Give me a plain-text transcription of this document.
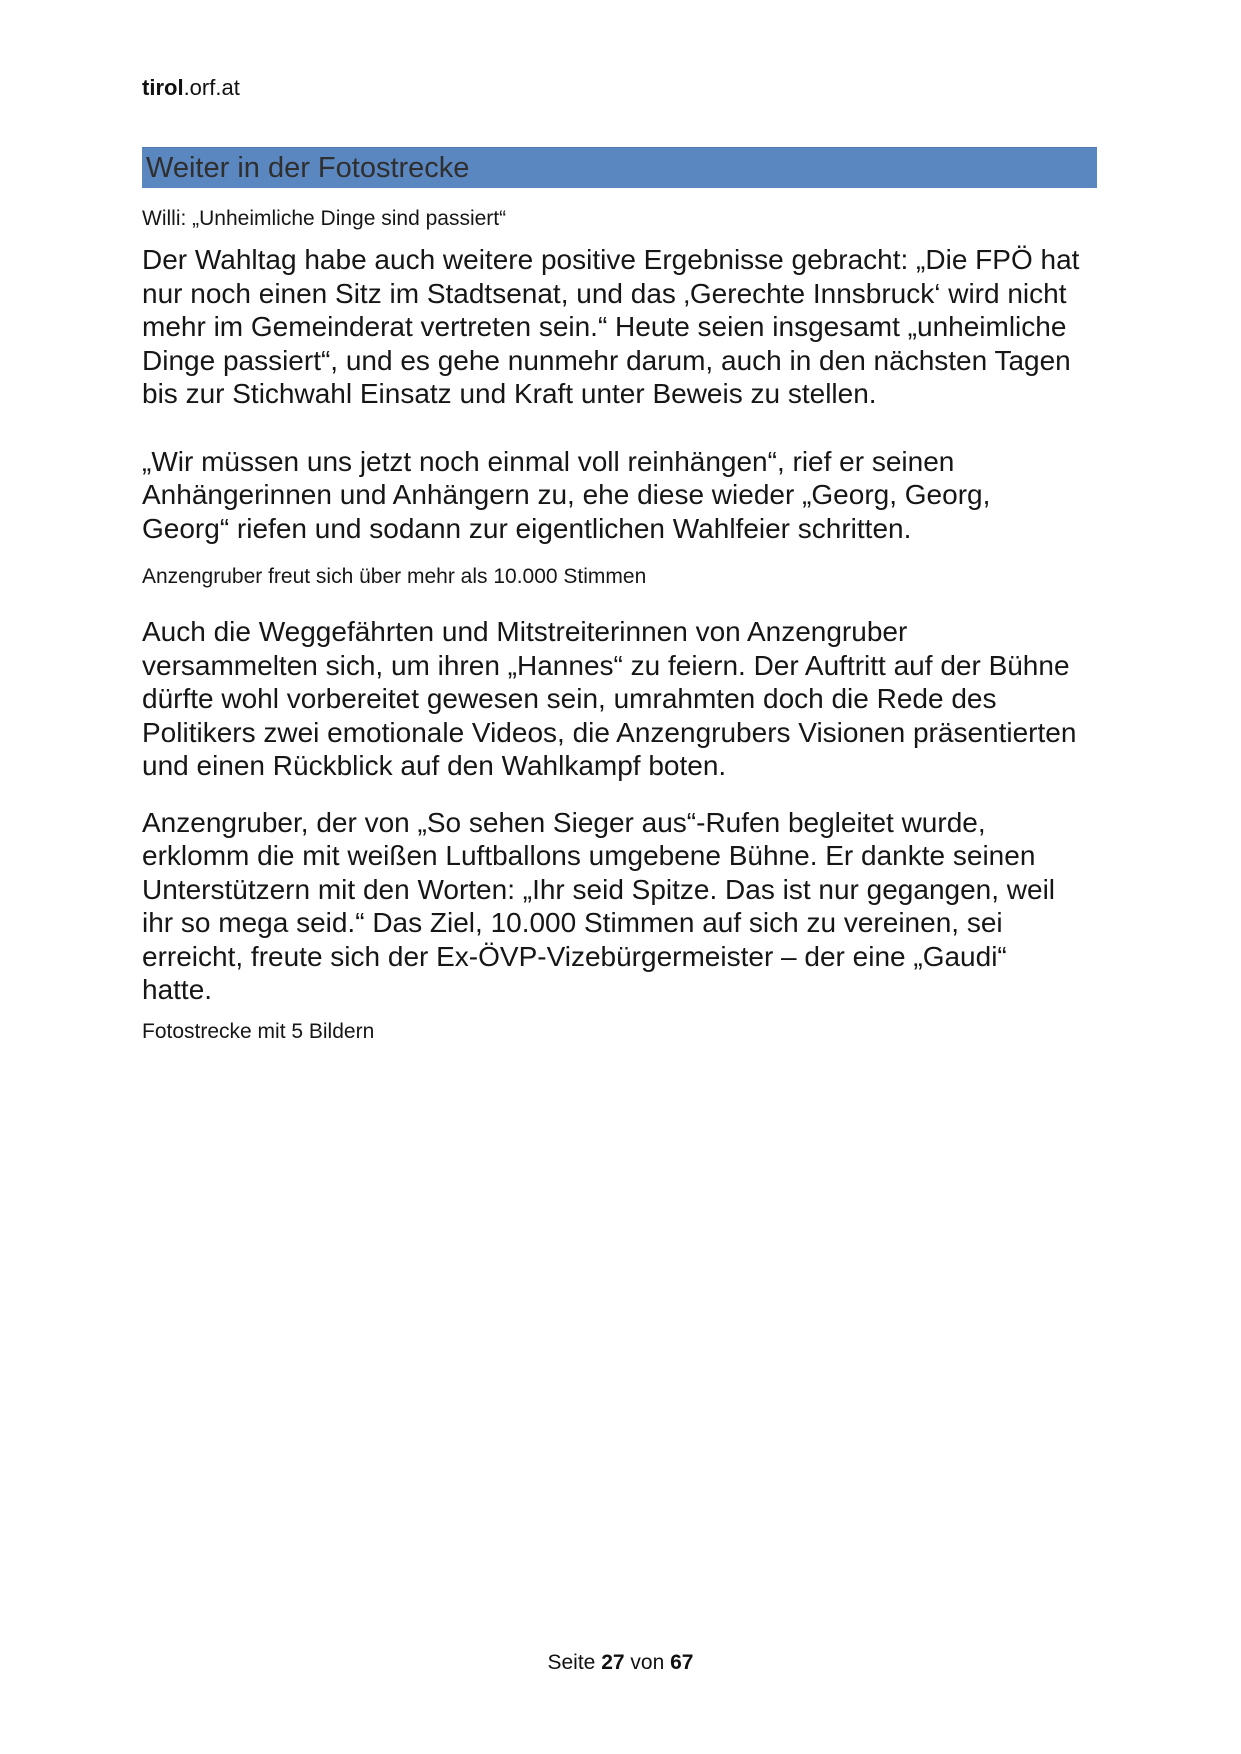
tirol.orf.at
Weiter in der Fotostrecke
Willi: „Unheimliche Dinge sind passiert“
Der Wahltag habe auch weitere positive Ergebnisse gebracht: „Die FPÖ hat
nur noch einen Sitz im Stadtsenat, und das ‚Gerechte Innsbruck‘ wird nicht
mehr im Gemeinderat vertreten sein.“ Heute seien insgesamt „unheimliche
Dinge passiert“, und es gehe nunmehr darum, auch in den nächsten Tagen
bis zur Stichwahl Einsatz und Kraft unter Beweis zu stellen.
„Wir müssen uns jetzt noch einmal voll reinhängen“, rief er seinen
Anhängerinnen und Anhängern zu, ehe diese wieder „Georg, Georg,
Georg“ riefen und sodann zur eigentlichen Wahlfeier schritten.
Anzengruber freut sich über mehr als 10.000 Stimmen
Auch die Weggefährten und Mitstreiterinnen von Anzengruber
versammelten sich, um ihren „Hannes“ zu feiern. Der Auftritt auf der Bühne
dürfte wohl vorbereitet gewesen sein, umrahmten doch die Rede des
Politikers zwei emotionale Videos, die Anzengrubers Visionen präsentierten
und einen Rückblick auf den Wahlkampf boten.
Anzengruber, der von „So sehen Sieger aus“-Rufen begleitet wurde,
erklomm die mit weißen Luftballons umgebene Bühne. Er dankte seinen
Unterstützern mit den Worten: „Ihr seid Spitze. Das ist nur gegangen, weil
ihr so mega seid.“ Das Ziel, 10.000 Stimmen auf sich zu vereinen, sei
erreicht, freute sich der Ex-ÖVP-Vizebürgermeister – der eine „Gaudi“
hatte.
Fotostrecke mit 5 Bildern
Seite 27 von 67
